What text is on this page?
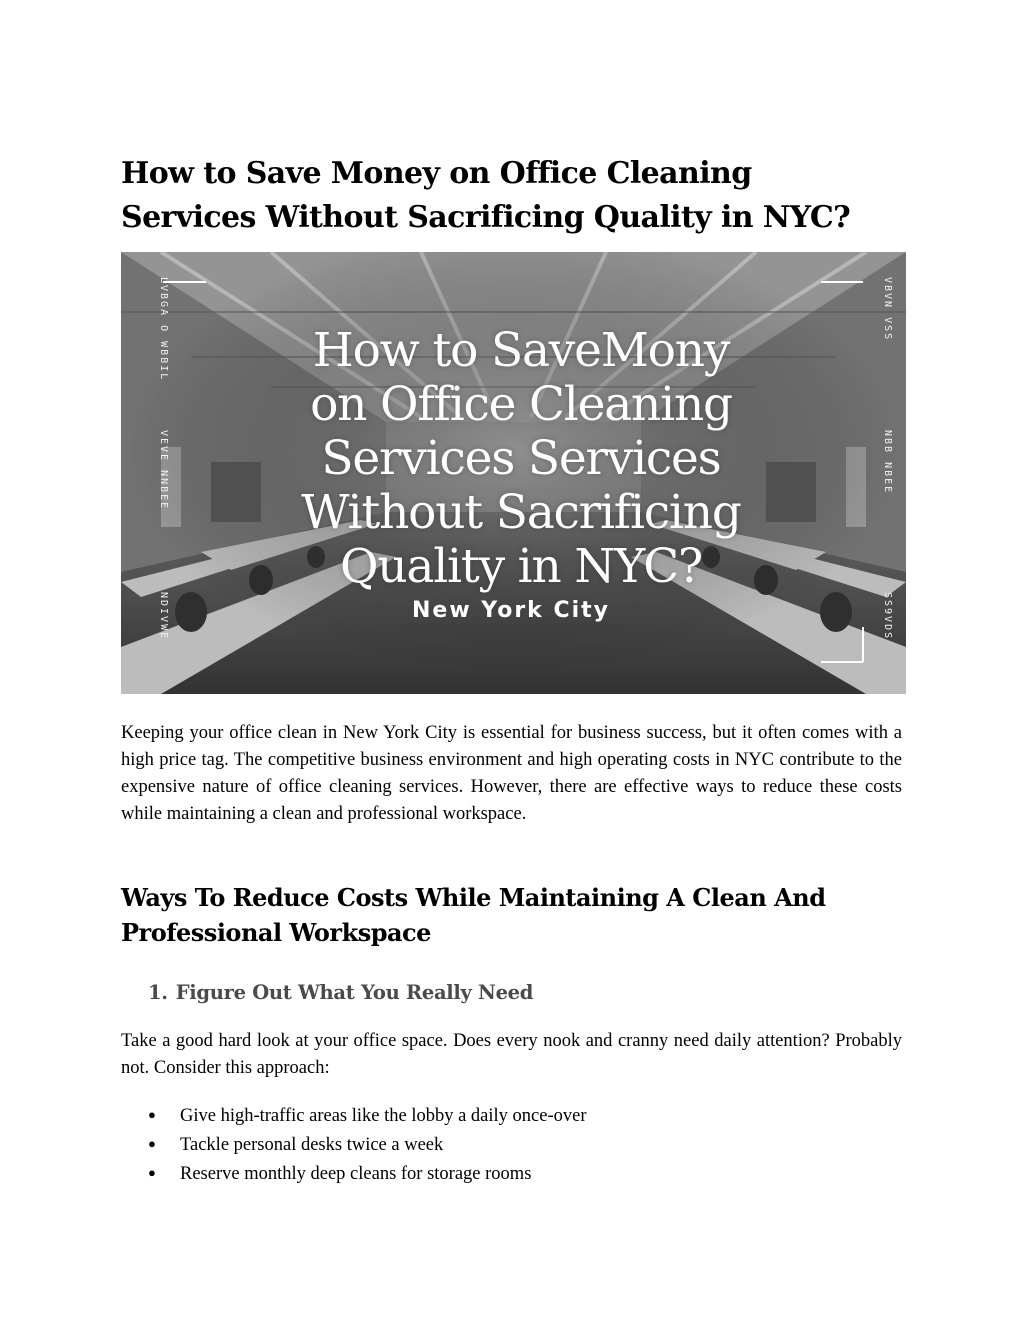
How to Save Money on Office Cleaning
Services Without Sacrificing Quality in NYC?
How to SaveMony
on Office Cleaning
Services Services
Without Sacrificing
Quality in NYC?
New York City
LVBGA O WBBIL
VEVE NNBEE
NDIVWE
VBVN VSS
NBB NBEE
SS9VDS

Keeping your office clean in New York City is essential for business success, but it often comes with a high price tag. The competitive business environment and high operating costs in NYC contribute to the expensive nature of office cleaning services. However, there are effective ways to reduce these costs while maintaining a clean and professional workspace.

Ways To Reduce Costs While Maintaining A Clean And
Professional Workspace
1. Figure Out What You Really Need

Take a good hard look at your office space. Does every nook and cranny need daily attention? Probably not. Consider this approach:

● Give high-traffic areas like the lobby a daily once-over
● Tackle personal desks twice a week
● Reserve monthly deep cleans for storage rooms
